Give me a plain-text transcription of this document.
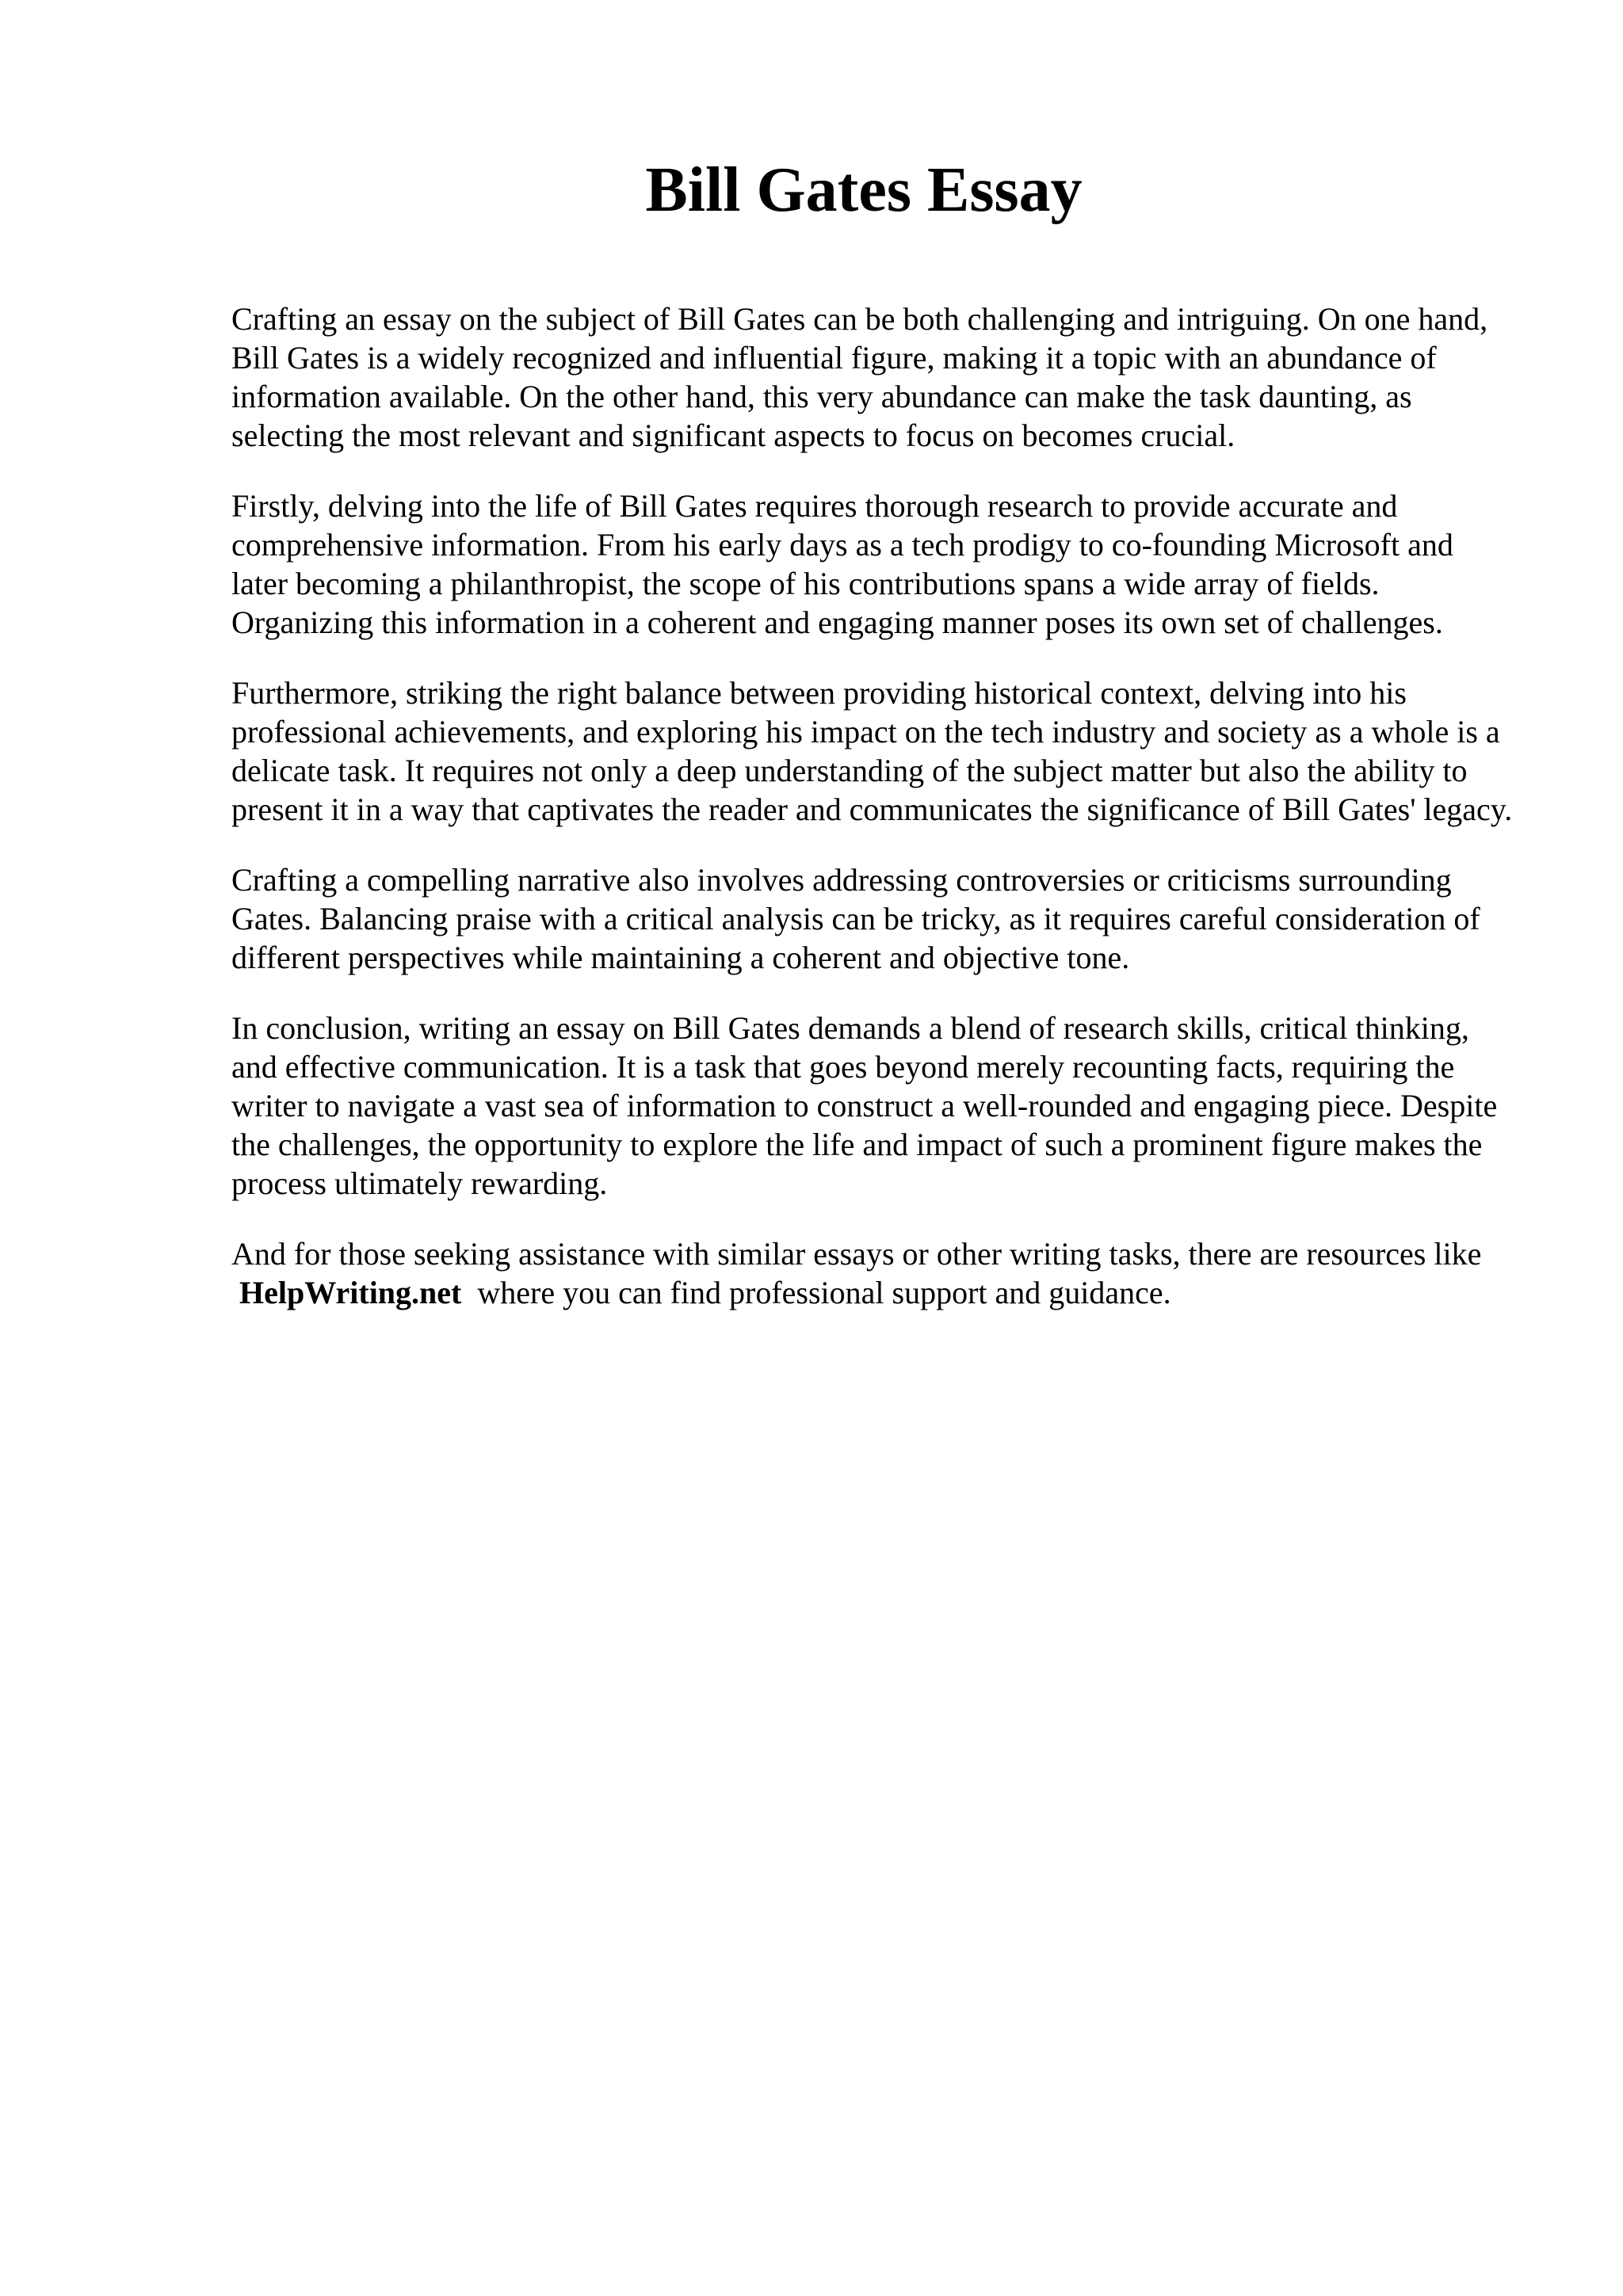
Bill Gates Essay

Crafting an essay on the subject of Bill Gates can be both challenging and intriguing. On one hand, Bill Gates is a widely recognized and influential figure, making it a topic with an abundance of information available. On the other hand, this very abundance can make the task daunting, as selecting the most relevant and significant aspects to focus on becomes crucial.

Firstly, delving into the life of Bill Gates requires thorough research to provide accurate and comprehensive information. From his early days as a tech prodigy to co-founding Microsoft and later becoming a philanthropist, the scope of his contributions spans a wide array of fields. Organizing this information in a coherent and engaging manner poses its own set of challenges.

Furthermore, striking the right balance between providing historical context, delving into his professional achievements, and exploring his impact on the tech industry and society as a whole is a delicate task. It requires not only a deep understanding of the subject matter but also the ability to present it in a way that captivates the reader and communicates the significance of Bill Gates' legacy.

Crafting a compelling narrative also involves addressing controversies or criticisms surrounding Gates. Balancing praise with a critical analysis can be tricky, as it requires careful consideration of different perspectives while maintaining a coherent and objective tone.

In conclusion, writing an essay on Bill Gates demands a blend of research skills, critical thinking, and effective communication. It is a task that goes beyond merely recounting facts, requiring the writer to navigate a vast sea of information to construct a well-rounded and engaging piece. Despite the challenges, the opportunity to explore the life and impact of such a prominent figure makes the process ultimately rewarding.

And for those seeking assistance with similar essays or other writing tasks, there are resources like HelpWriting.net where you can find professional support and guidance.
